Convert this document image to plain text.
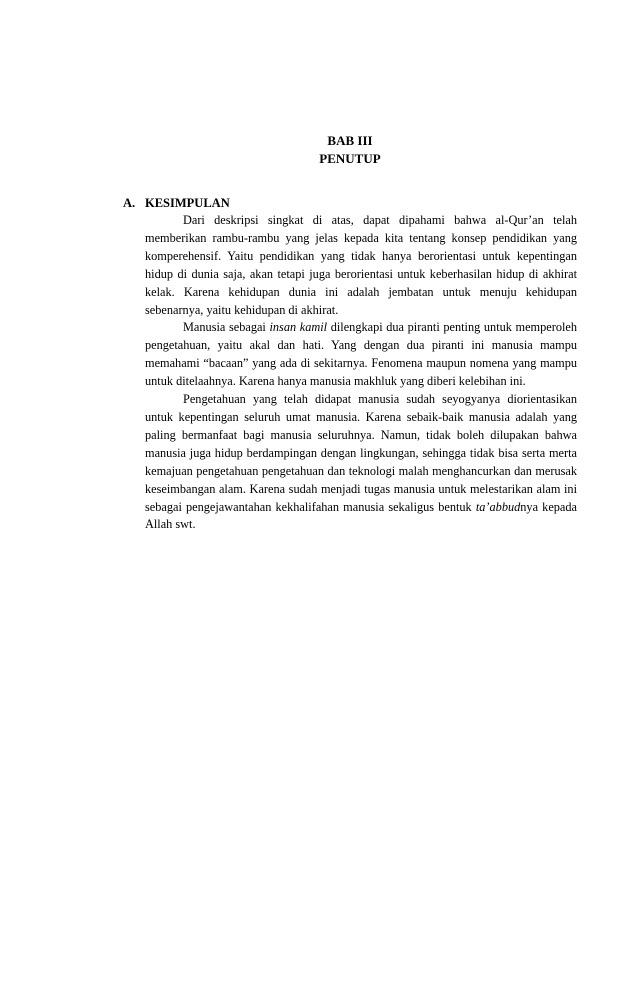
BAB III
PENUTUP
A. KESIMPULAN

Dari deskripsi singkat di atas, dapat dipahami bahwa al-Qur’an telah memberikan rambu-rambu yang jelas kepada kita tentang konsep pendidikan yang komperehensif. Yaitu pendidikan yang tidak hanya berorientasi untuk kepentingan hidup di dunia saja, akan tetapi juga berorientasi untuk keberhasilan hidup di akhirat kelak. Karena kehidupan dunia ini adalah jembatan untuk menuju kehidupan sebenarnya, yaitu kehidupan di akhirat.

Manusia sebagai insan kamil dilengkapi dua piranti penting untuk memperoleh pengetahuan, yaitu akal dan hati. Yang dengan dua piranti ini manusia mampu memahami “bacaan” yang ada di sekitarnya. Fenomena maupun nomena yang mampu untuk ditelaahnya. Karena hanya manusia makhluk yang diberi kelebihan ini.

Pengetahuan yang telah didapat manusia sudah seyogyanya diorientasikan untuk kepentingan seluruh umat manusia. Karena sebaik-baik manusia adalah yang paling bermanfaat bagi manusia seluruhnya. Namun, tidak boleh dilupakan bahwa manusia juga hidup berdampingan dengan lingkungan, sehingga tidak bisa serta merta kemajuan pengetahuan pengetahuan dan teknologi malah menghancurkan dan merusak keseimbangan alam. Karena sudah menjadi tugas manusia untuk melestarikan alam ini sebagai pengejawantahan kekhalifahan manusia sekaligus bentuk ta’abbudnya kepada Allah swt.
